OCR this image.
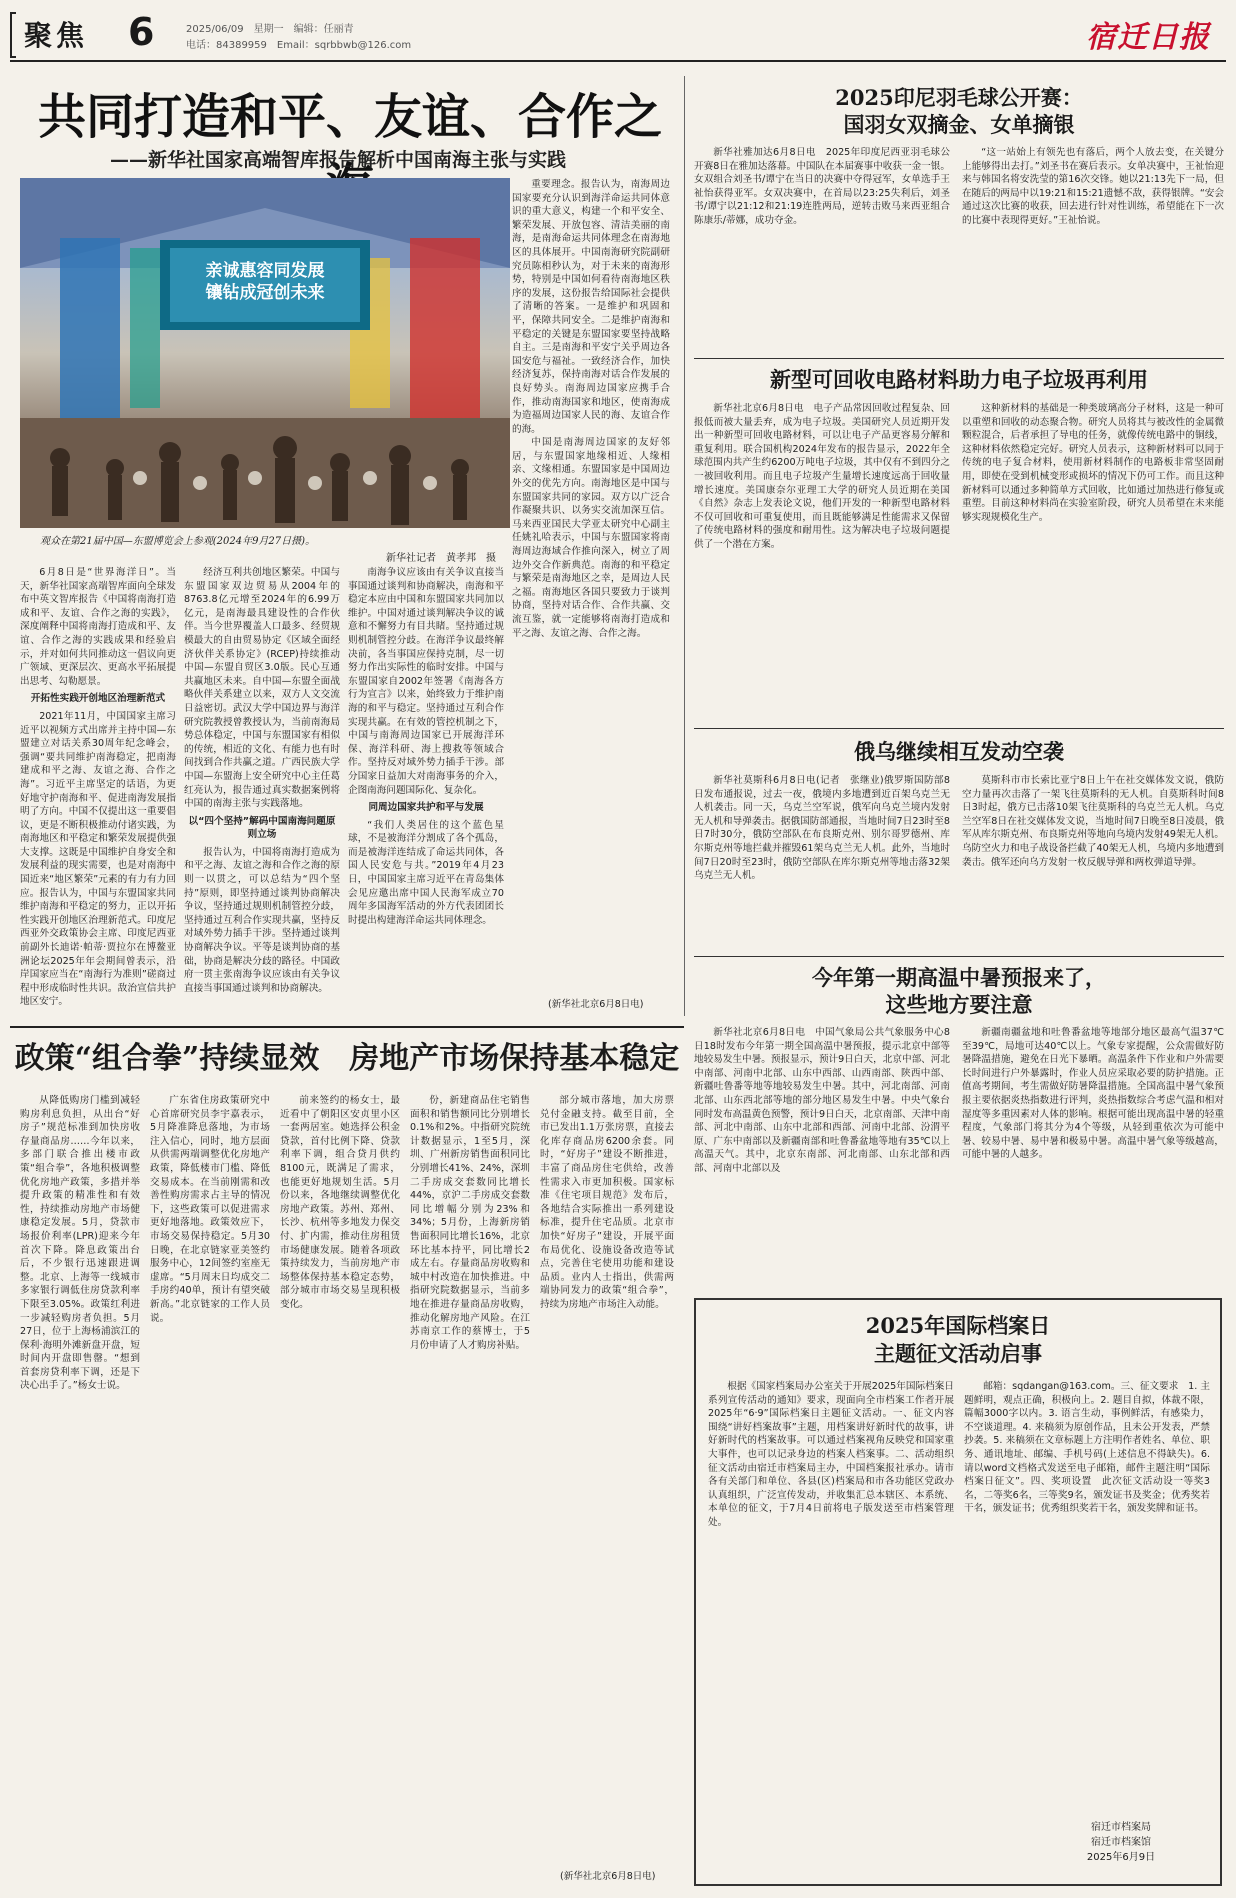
聚焦 6	2025/06/09　星期一　编辑：任丽青
电话：84389959　Email：sqrbbwb@126.com	宿迁日报
共同打造和平、友谊、合作之
——新华社国家高端智库报告解析中国南海主张与实践
亲诚惠容同发展
镶钻成冠创未来
观众在第21届中国—东盟博览会上参观(2024年9月27日摄)。
新华社记者　黄孝邦　摄

6月8日是“世界海洋日”。当天，新华社国家高端智库面向全球发布中英文智库报告《中国将南海打造成和平、友谊、合作之海的实践》，深度阐释中国将南海打造成和平、友谊、合作之海的实践成果和经验启示，并对如何共同推动这一倡议向更广领域、更深层次、更高水平拓展提出思考、勾勒愿景。

开拓性实践开创地区治理新范式

2021年11月，中国国家主席习近平以视频方式出席并主持中国—东盟建立对话关系30周年纪念峰会，强调“要共同维护南海稳定，把南海建成和平之海、友谊之海、合作之海”。习近平主席坚定的话语，为更好地守护南海和平、促进南海发展指明了方向。中国不仅提出这一重要倡议，更是不断积极推动付诸实践，为南海地区和平稳定和繁荣发展提供强大支撑。这既是中国维护自身安全和发展利益的现实需要，也是对南海中国近来“地区繁荣”元素的有力有力回应。报告认为，中国与东盟国家共同维护南海和平稳定的努力，正以开拓性实践开创地区治理新范式。印度尼西亚外交政策协会主席、印度尼西亚前副外长迪诺·帕蒂·贾拉尔在博鳌亚洲论坛2025年年会期间曾表示，沿岸国家应当在“南海行为准则”磋商过程中形成临时性共识。敌治宣信共护地区安宁。

经济互利共创地区繁荣。中国与东盟国家双边贸易从2004年的8763.8亿元增至2024年的6.99万亿元，是南海最具建设性的合作伙伴。当今世界覆盖人口最多、经贸规模最大的自由贸易协定《区域全面经济伙伴关系协定》(RCEP)持续推动中国—东盟自贸区3.0版。民心互通共赢地区未来。自中国—东盟全面战略伙伴关系建立以来，双方人文交流日益密切。武汉大学中国边界与海洋研究院教授曾教授认为，当前南海局势总体稳定，中国与东盟国家有相似的传统，相近的文化、有能力也有时间找到合作共赢之道。广西民族大学中国—东盟海上安全研究中心主任葛红亮认为，报告通过真实数据案例将中国的南海主张与实践落地。

以“四个坚持”解码中国南海问题原则立场

报告认为，中国将南海打造成为和平之海、友谊之海和合作之海的原则一以贯之，可以总结为“四个坚持”原则，即坚持通过谈判协商解决争议，坚持通过规则机制管控分歧，坚持通过互利合作实现共赢，坚持反对域外势力插手干涉。坚持通过谈判协商解决争议。平等是谈判协商的基础，协商是解决分歧的路径。中国政府一贯主张南海争议应该由有关争议直接当事国通过谈判和协商解决。

南海争议应该由有关争议直接当事国通过谈判和协商解决，南海和平稳定本应由中国和东盟国家共同加以维护。中国对通过谈判解决争议的诚意和不懈努力有目共睹。坚持通过规则机制管控分歧。在海洋争议最终解决前，各当事国应保持克制，尽一切努力作出实际性的临时安排。中国与东盟国家自2002年签署《南海各方行为宣言》以来，始终致力于维护南海的和平与稳定。坚持通过互利合作实现共赢。在有效的管控机制之下，中国与南海周边国家已开展海洋环保、海洋科研、海上搜救等领域合作。坚持反对域外势力插手干涉。部分国家日益加大对南海事务的介入，企图南海问题国际化、复杂化。

同周边国家共护和平与发展

“我们人类居住的这个蓝色星球，不是被海洋分割成了各个孤岛，而是被海洋连结成了命运共同体，各国人民安危与共。”2019年4月23日，中国国家主席习近平在青岛集体会见应邀出席中国人民海军成立70周年多国海军活动的外方代表团团长时提出构建海洋命运共同体理念。

重要理念。报告认为，南海周边国家要充分认识到海洋命运共同体意识的重大意义，构建一个和平安全、繁荣发展、开放包容、清洁美丽的南海，是南海命运共同体理念在南海地区的具体展开。中国南海研究院副研究员陈相秒认为，对于未来的南海形势，特别是中国如何看待南海地区秩序的发展，这份报告给国际社会提供了清晰的答案。一是维护和巩固和平，保障共同安全。二是维护南海和平稳定的关键是东盟国家要坚持战略自主。三是南海和平安宁关乎周边各国安危与福祉。一致经济合作，加快经济复苏，保持南海对话合作发展的良好势头。南海周边国家应携手合作，推动南海国家和地区，使南海成为造福周边国家人民的海、友谊合作的海。

中国是南海周边国家的友好邻居，与东盟国家地缘相近、人缘相亲、文缘相通。东盟国家是中国周边外交的优先方向。南海地区是中国与东盟国家共同的家园。双方以广泛合作凝聚共识、以务实交流加深互信。马来西亚国民大学亚太研究中心副主任姚礼哈表示，中国与东盟国家将南海周边海域合作推向深入，树立了周边外交合作新典范。南海的和平稳定与繁荣是南海地区之幸，是周边人民之福。南海地区各国只要致力于谈判协商，坚持对话合作、合作共赢、交流互鉴，就一定能够将南海打造成和平之海、友谊之海、合作之海。

(新华社北京6月8日电)
2025印尼羽毛球公开赛：
国羽女双摘金、女单摘银

新华社雅加达6月8日电　2025年印度尼西亚羽毛球公开赛8日在雅加达落幕。中国队在本届赛事中收获一金一银。女双组合刘圣书/谭宁在当日的决赛中夺得冠军，女单选手王祉怡获得亚军。女双决赛中，在首局以23:25失利后，刘圣书/谭宁以21:12和21:19连胜两局，逆转击败马来西亚组合陈康乐/蒂娜，成功夺金。

“这一站始上有领先也有落后，两个人放去变，在关键分上能够得出去打。”刘圣书在赛后表示。女单决赛中，王祉怡迎来与韩国名将安洗莹的第16次交锋。她以21:13先下一局，但在随后的两局中以19:21和15:21遗憾不敌，获得银牌。“安会通过这次比赛的收获，回去进行针对性训练，希望能在下一次的比赛中表现得更好。”王祉怡说。

新型可回收电路材料助力电子垃圾再利用

新华社北京6月8日电　电子产品常因回收过程复杂、回报低而被大量丢弃，成为电子垃圾。美国研究人员近期开发出一种新型可回收电路材料，可以让电子产品更容易分解和重复利用。联合国机构2024年发布的报告显示，2022年全球范围内共产生约6200万吨电子垃圾，其中仅有不到四分之一被回收利用。而且电子垃圾产生量增长速度远高于回收量增长速度。美国康奈尔亚理工大学的研究人员近期在美国《自然》杂志上发表论文说，他们开发的一种新型电路材料不仅可回收和可重复使用，而且既能够满足性能需求又保留了传统电路材料的强度和耐用性。这为解决电子垃圾问题提供了一个潜在方案。

这种新材料的基础是一种类玻璃高分子材料，这是一种可以重塑和回收的动态聚合物。研究人员将其与被改性的金属微颗粒混合，后者承担了导电的任务，就像传统电路中的铜线，这种材料依然稳定完好。研究人员表示，这种新材料可以同于传统的电子复合材料，使用新材料制作的电路板非常坚固耐用，即使在受到机械变形或损坏的情况下仍可工作。而且这种新材料可以通过多种简单方式回收，比如通过加热进行修复或重塑。目前这种材料尚在实验室阶段，研究人员希望在未来能够实现规模化生产。

俄乌继续相互发动空袭

新华社莫斯科6月8日电(记者　张继业)俄罗斯国防部8日发布通报说，过去一夜，俄境内多地遭到近百架乌克兰无人机袭击。同一天，乌克兰空军说，俄军向乌克兰境内发射无人机和导弹袭击。据俄国防部通报，当地时间7日23时至8日7时30分，俄防空部队在布良斯克州、别尔哥罗德州、库尔斯克州等地拦截并摧毁61架乌克兰无人机。此外，当地时间7日20时至23时，俄防空部队在库尔斯克州等地击落32架乌克兰无人机。

莫斯科市市长索比亚宁8日上午在社交媒体发文说，俄防空力量再次击落了一架飞往莫斯科的无人机。自莫斯科时间8日3时起，俄方已击落10架飞往莫斯科的乌克兰无人机。乌克兰空军8日在社交媒体发文说，当地时间7日晚至8日凌晨，俄军从库尔斯克州、布良斯克州等地向乌境内发射49架无人机。乌防空火力和电子战设备拦截了40架无人机，乌境内多地遭到袭击。俄军还向乌方发射一枚反舰导弹和两枚弹道导弹。

今年第一期高温中暑预报来了，
这些地方要注意

新华社北京6月8日电　中国气象局公共气象服务中心8日18时发布今年第一期全国高温中暑预报，提示北京中部等地较易发生中暑。预报显示，预计9日白天，北京中部、河北中南部、河南中北部、山东中西部、山西南部、陕西中部、新疆吐鲁番等地等地较易发生中暑。其中，河北南部、河南北部、山东西北部等地的部分地区易发生中暑。中央气象台同时发布高温黄色预警，预计9日白天，北京南部、天津中南部、河北中南部、山东中北部和西部、河南中北部、汾渭平原、广东中南部以及新疆南部和吐鲁番盆地等地有35℃以上高温天气。其中，北京东南部、河北南部、山东北部和西部、河南中北部以及

新疆南疆盆地和吐鲁番盆地等地部分地区最高气温37℃至39℃，局地可达40℃以上。气象专家提醒，公众需做好防暑降温措施，避免在日光下暴晒。高温条件下作业和户外需要长时间进行户外暴露时，作业人员应采取必要的防护措施。正值高考期间，考生需做好防暑降温措施。全国高温中暑气象预报主要依据炎热指数进行评判，炎热指数综合考虑气温和相对湿度等多重因素对人体的影响。根据可能出现高温中暑的轻重程度，气象部门将其分为4个等级，从轻到重依次为可能中暑、较易中暑、易中暑和极易中暑。高温中暑气象等级越高，可能中暑的人越多。

政策“组合拳”持续显效　房地产市场保持基本稳定

从降低购房门槛到减轻购房利息负担，从出台“好房子”规范标准到加快房收存量商品房……今年以来，多部门联合推出楼市政策“组合拳”，各地积极调整优化房地产政策，多措并举提升政策的精准性和有效性，持续推动房地产市场健康稳定发展。5月，贷款市场报价利率(LPR)迎来今年首次下降。降息政策出台后，不少银行迅速跟进调整。北京、上海等一线城市多家银行调低住房贷款利率下限至3.05%。政策红利进一步减轻购房者负担。5月27日，位于上海杨浦滨江的保利·海明外滩新盘开盘，短时间内开盘即售罄。“想到首套房贷利率下调，还是下决心出手了。”杨女士说。

广东省住房政策研究中心首席研究员李宇嘉表示，5月降准降息落地，为市场注入信心，同时，地方层面从供需两端调整优化房地产政策，降低楼市门槛、降低交易成本。在当前刚需和改善性购房需求占主导的情况下，这些政策可以促进需求更好地落地。政策效应下，市场交易保持稳定。5月30日晚，在北京链家亚美签约服务中心，12间签约室座无虚席。“5月周末日均成交二手房约40单，预计有望突破新高。”北京链家的工作人员说。

前来签约的杨女士，最近看中了朝阳区安贞里小区一套两居室。她选择公积金贷款，首付比例下降、贷款利率下调，组合贷月供约8100元，既满足了需求，也能更好地规划生活。5月份以来，各地继续调整优化房地产政策。苏州、郑州、长沙、杭州等多地发力保交付、扩内需，推动住房租赁市场健康发展。随着各项政策持续发力，当前房地产市场整体保持基本稳定态势，部分城市市场交易呈现积极变化。

份，新建商品住宅销售面积和销售额同比分别增长0.1%和2%。中指研究院统计数据显示，1至5月，深圳、广州新房销售面积同比分别增长41%、24%，深圳二手房成交套数同比增长44%，京沪二手房成交套数同比增幅分别为23%和34%；5月份，上海新房销售面积同比增长16%，北京环比基本持平，同比增长2成左右。存量商品房收购和城中村改造在加快推进。中指研究院数据显示，当前多地在推进存量商品房收购，推动化解房地产风险。在江苏南京工作的蔡博士，于5月份申请了人才购房补贴。

部分城市落地，加大房票兑付金融支持。截至目前，全市已发出1.1万张房票，直接去化库存商品房6200余套。同时，“好房子”建设不断推进，丰富了商品房住宅供给，改善性需求入市更加积极。国家标准《住宅项目规范》发布后，各地结合实际推出一系列建设标准，提升住宅品质。北京市加快“好房子”建设，开展平面布局优化、设施设备改造等试点，完善住宅使用功能和建设品质。业内人士指出，供需两端协同发力的政策“组合拳”，持续为房地产市场注入动能。

(新华社北京6月8日电)
2025年国际档案日
主题征文活动启事

根据《国家档案局办公室关于开展2025年国际档案日系列宣传活动的通知》要求，现面向全市档案工作者开展2025年“6·9”国际档案日主题征文活动。一、征文内容　围绕“讲好档案故事”主题，用档案讲好新时代的故事，讲好新时代的档案故事。可以通过档案视角反映党和国家重大事件，也可以记录身边的档案人档案事。二、活动组织　征文活动由宿迁市档案局主办，中国档案报社承办。请市各有关部门和单位、各县(区)档案局和市各功能区党政办认真组织，广泛宣传发动，并收集汇总本辖区、本系统、本单位的征文，于7月4日前将电子版发送至市档案管理处。

邮箱：sqdangan@163.com。三、征文要求　1. 主题鲜明，观点正确，积极向上。2. 题目自拟，体裁不限，篇幅3000字以内。3. 语言生动，事例鲜活，有感染力，不空谈道理。4. 来稿须为原创作品，且未公开发表，严禁抄袭。5. 来稿须在文章标题上方注明作者姓名、单位、职务、通讯地址、邮编、手机号码(上述信息不得缺失)。6. 请以word文档格式发送至电子邮箱，邮件主题注明“国际档案日征文”。四、奖项设置　此次征文活动设一等奖3名，二等奖6名，三等奖9名，颁发证书及奖金；优秀奖若干名，颁发证书；优秀组织奖若干名，颁发奖牌和证书。

宿迁市档案局
宿迁市档案馆
2025年6月9日
